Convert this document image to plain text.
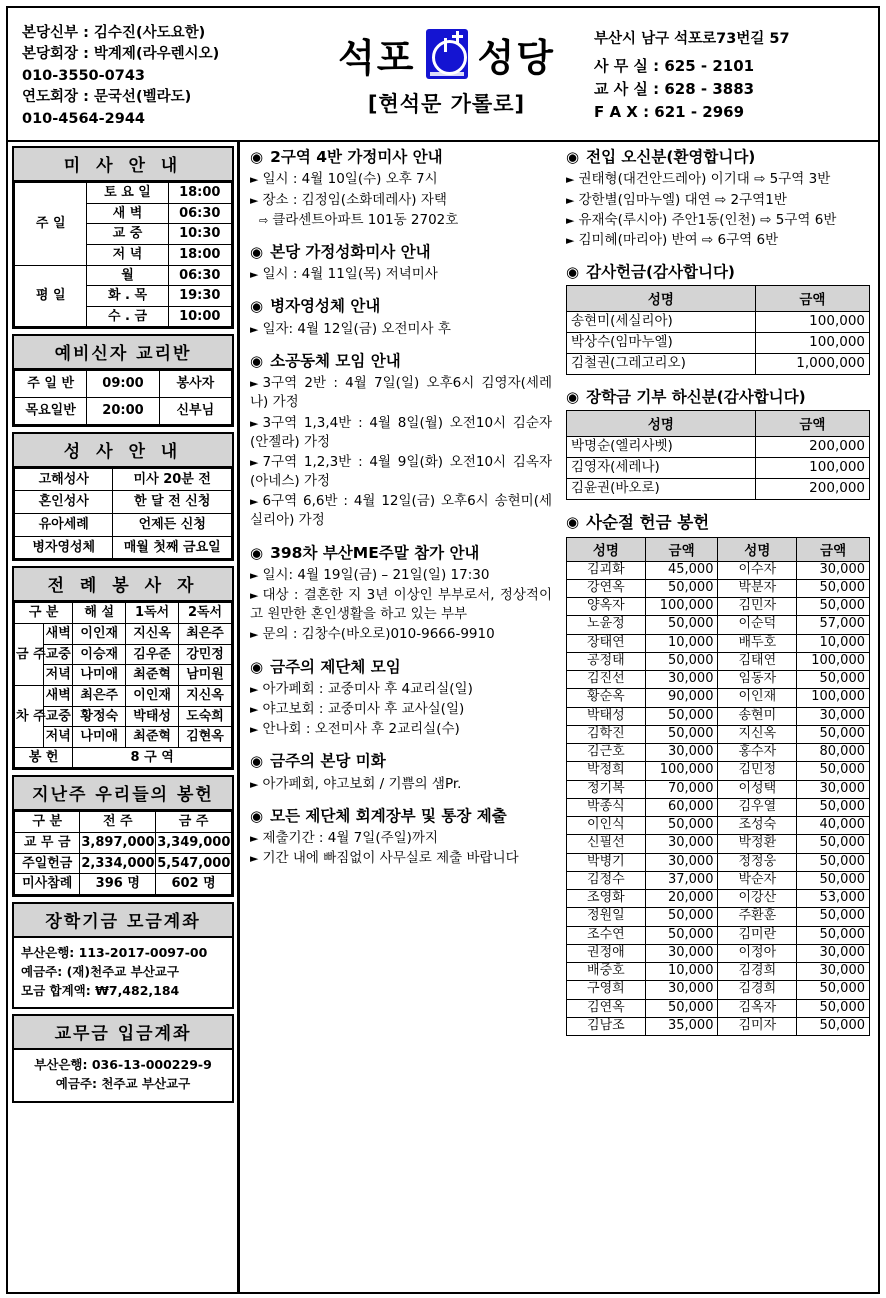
본당신부 : 김수진(사도요한)
본당회장 : 박계제(라우렌시오)
010-3550-0743
연도회장 : 문국선(벨라도)
010-4564-2944
석포 성당
[현석문 가롤로]
부산시 남구 석포로73번길 57
사 무 실 : 625 - 2101
교 사 실 : 628 - 3883
F A X : 621 - 2969
미 사 안 내
주 일	토 요 일	18:00
	새 벽	06:30
	교 중	10:30
	저 녁	18:00
평 일	월	06:30
	화 . 목	19:30
	수 . 금	10:00
예비신자 교리반
주 일 반	09:00	봉사자
목요일반	20:00	신부님
성 사 안 내
고해성사	미사 20분 전
혼인성사	한 달 전 신청
유아세례	언제든 신청
병자영성체	매월 첫째 금요일
전 례 봉 사 자
구 분		해 설	1독서	2독서
금 주	새벽	이인재	지신옥	최은주
	교중	이승재	김우준	강민정
	저녁	나미애	최준혁	남미원
차 주	새벽	최은주	이인재	지신옥
	교중	황정숙	박태성	도숙희
	저녁	나미애	최준혁	김현옥
봉 헌		8 구 역		
지난주 우리들의 봉헌
구 분	전 주	금 주
교 무 금	3,897,000	3,349,000
주일헌금	2,334,000	5,547,000
미사참례	396 명	602 명
장학기금 모금계좌
부산은행: 113-2017-0097-00
예금주: (재)천주교 부산교구
모금 합계액: ₩7,482,184
교무금 입금계좌
부산은행: 036-13-000229-9
예금주: 천주교 부산교구
◉ 2구역 4반 가정미사 안내
► 일시 : 4월 10일(수) 오후 7시
► 장소 : 김정임(소화데레사) 자택
⇨ 클라센트아파트 101동 2702호
◉ 본당 가정성화미사 안내
► 일시 : 4월 11일(목) 저녁미사
◉ 병자영성체 안내
► 일자: 4월 12일(금) 오전미사 후
◉ 소공동체 모임 안내
► 3구역 2반 : 4월 7일(일) 오후6시 김영자(세레나) 가정
► 3구역 1,3,4반 : 4월 8일(월) 오전10시 김순자(안젤라) 가정
► 7구역 1,2,3반 : 4월 9일(화) 오전10시 김옥자(아네스) 가정
► 6구역 6,6반 : 4월 12일(금) 오후6시 송현미(세실리아) 가정
◉ 398차 부산ME주말 참가 안내
► 일시: 4월 19일(금) – 21일(일) 17:30
► 대상 : 결혼한 지 3년 이상인 부부로서, 정상적이고 원만한 혼인생활을 하고 있는 부부
► 문의 : 김창수(바오로)010-9666-9910
◉ 금주의 제단체 모임
► 아가페회 : 교중미사 후 4교리실(일)
► 야고보회 : 교중미사 후 교사실(일)
► 안나회 : 오전미사 후 2교리실(수)
◉ 금주의 본당 미화
► 아가페회, 야고보회 / 기쁨의 샘Pr.
◉ 모든 제단체 회계장부 및 통장 제출
► 제출기간 : 4월 7일(주일)까지
► 기간 내에 빠짐없이 사무실로 제출 바랍니다
◉ 전입 오신분(환영합니다)
► 권태형(대건안드레아) 이기대 ⇨ 5구역 3반
► 강한별(임마누엘) 대연 ⇨ 2구역1반
► 유재숙(루시아) 주안1동(인천) ⇨ 5구역 6반
► 김미혜(마리아) 반여 ⇨ 6구역 6반
◉ 감사헌금(감사합니다)
성명	금액
송현미(세실리아)	100,000
박상수(임마누엘)	100,000
김철권(그레고리오)	1,000,000
◉ 장학금 기부 하신분(감사합니다)
성명	금액
박명순(엘리사벳)	200,000
김영자(세레나)	100,000
김윤권(바오로)	200,000
◉ 사순절 헌금 봉헌
성명	금액	성명	금액
김괴화	45,000	이수자	30,000
강연옥	50,000	박분자	50,000
양옥자	100,000	김민자	50,000
노윤정	50,000	이순덕	57,000
장태연	10,000	배두호	10,000
공정태	50,000	김태연	100,000
김진선	30,000	임동자	50,000
황순옥	90,000	이인재	100,000
박태성	50,000	송현미	30,000
김학진	50,000	지신옥	50,000
김근호	30,000	홍수자	80,000
박정희	100,000	김민정	50,000
정기복	70,000	이성택	30,000
박종식	60,000	김우열	50,000
이인식	50,000	조성숙	40,000
신필선	30,000	박정환	50,000
박병기	30,000	정정웅	50,000
김정수	37,000	박순자	50,000
조영화	20,000	이강산	53,000
정원일	50,000	주환훈	50,000
조수연	50,000	김미란	50,000
권정애	30,000	이정아	30,000
배중호	10,000	김경희	30,000
구영희	30,000	김경희	50,000
김연옥	50,000	김옥자	50,000
김남조	35,000	김미자	50,000
